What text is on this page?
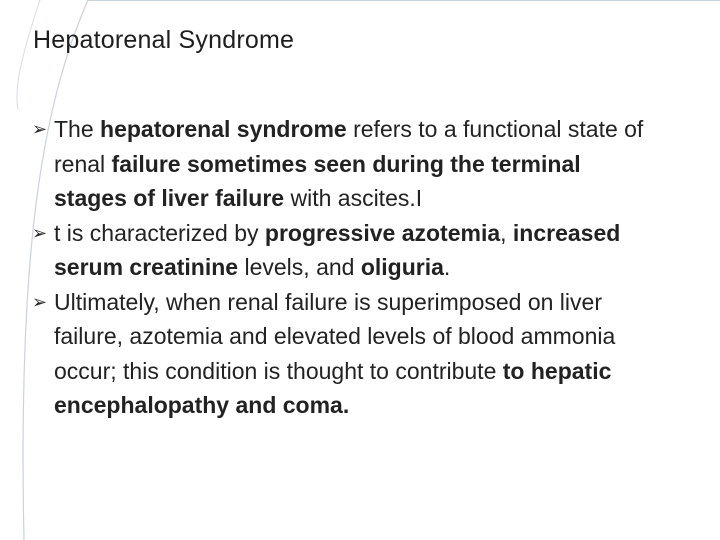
Hepatorenal Syndrome
➢ The hepatorenal syndrome refers to a functional state of renal failure sometimes seen during the terminal stages of liver failure with ascites.I
➢ t is characterized by progressive azotemia, increased serum creatinine levels, and oliguria.
➢ Ultimately, when renal failure is superimposed on liver failure, azotemia and elevated levels of blood ammonia occur; this condition is thought to contribute to hepatic encephalopathy and coma.
